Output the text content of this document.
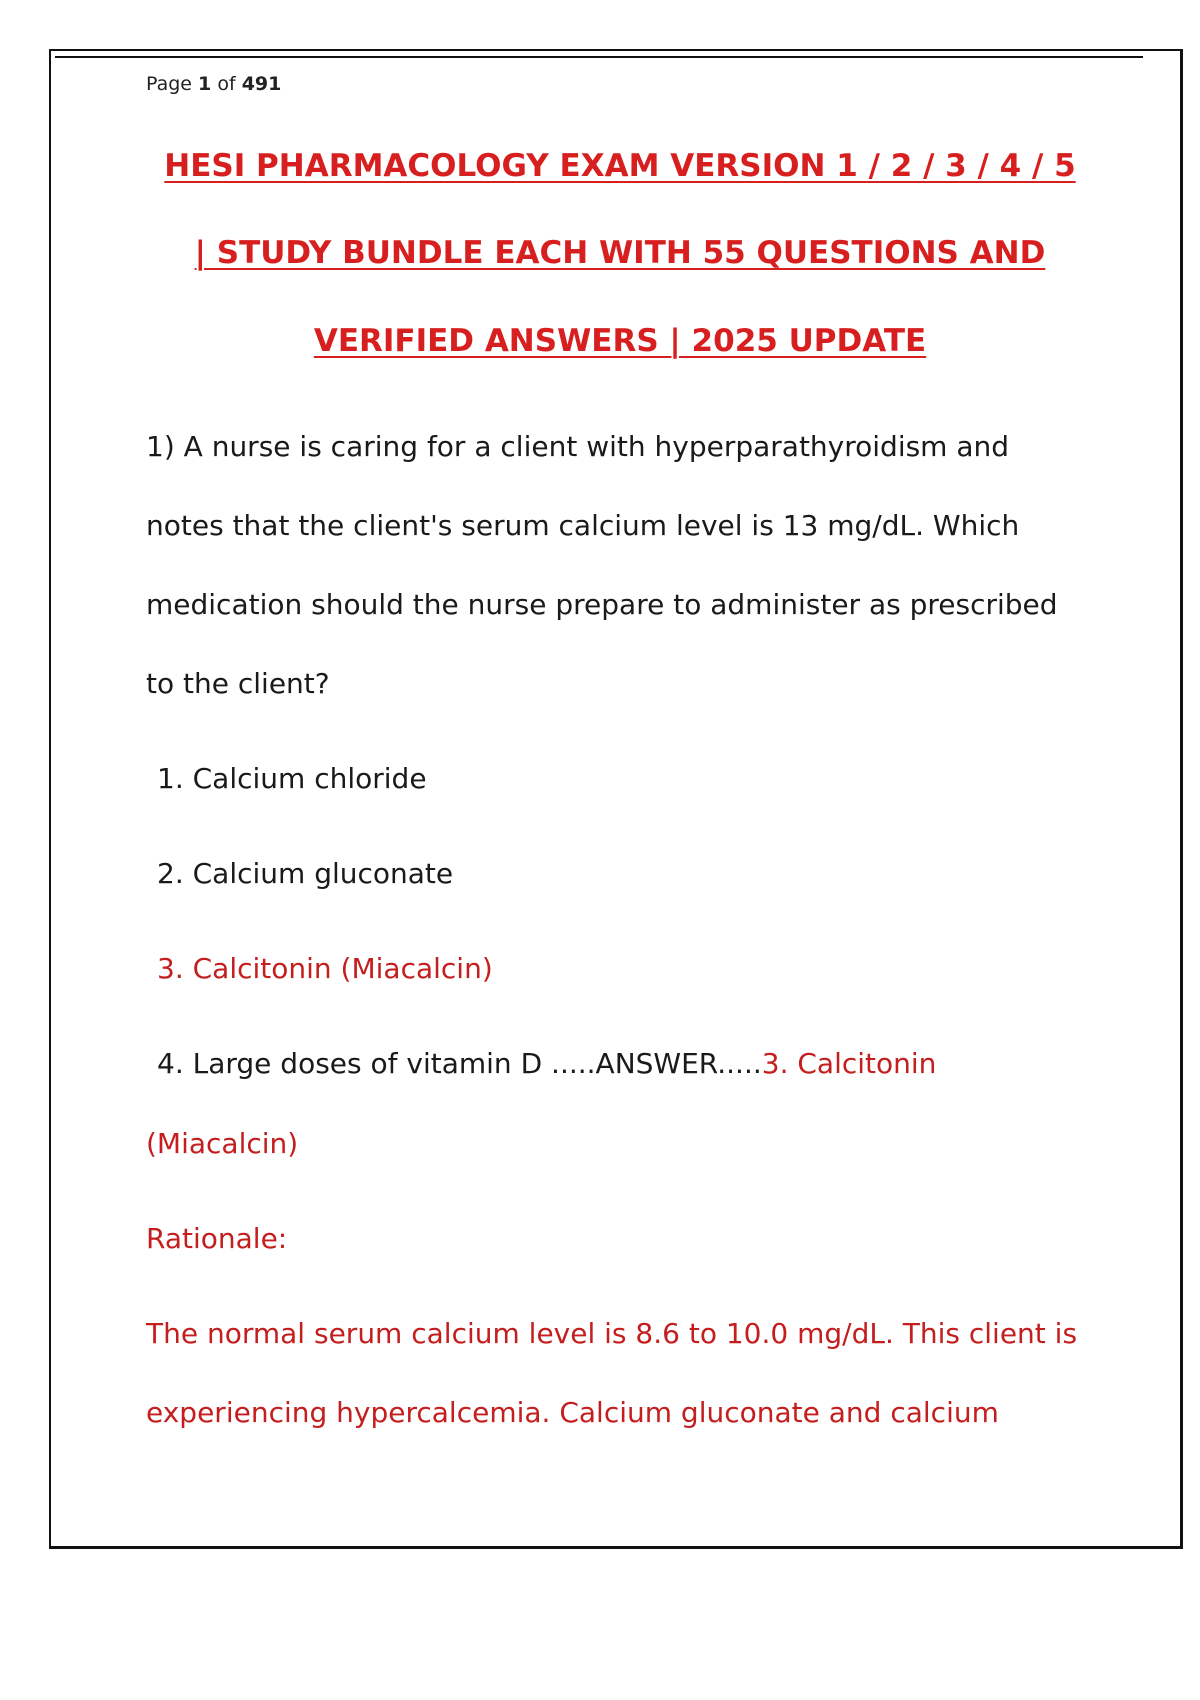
Page 1 of 491
HESI PHARMACOLOGY EXAM VERSION 1 / 2 / 3 / 4 / 5
| STUDY BUNDLE EACH WITH 55 QUESTIONS AND
VERIFIED ANSWERS | 2025 UPDATE
1) A nurse is caring for a client with hyperparathyroidism and
notes that the client's serum calcium level is 13 mg/dL. Which
medication should the nurse prepare to administer as prescribed
to the client?
1. Calcium chloride
2. Calcium gluconate
3. Calcitonin (Miacalcin)
4. Large doses of vitamin D .....ANSWER.....3. Calcitonin
(Miacalcin)
Rationale:
The normal serum calcium level is 8.6 to 10.0 mg/dL. This client is
experiencing hypercalcemia. Calcium gluconate and calcium
